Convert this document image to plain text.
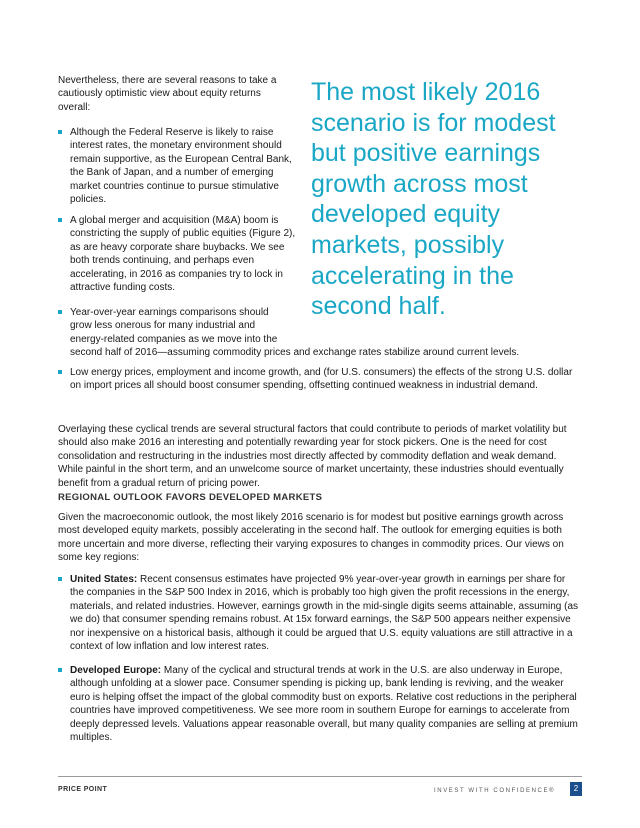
Nevertheless, there are several reasons to take a cautiously optimistic view about equity returns overall:

The most likely 2016 scenario is for modest but positive earnings growth across most developed equity markets, possibly accelerating in the second half.

Although the Federal Reserve is likely to raise interest rates, the monetary environment should remain supportive, as the European Central Bank, the Bank of Japan, and a number of emerging market countries continue to pursue stimulative policies.
A global merger and acquisition (M&A) boom is constricting the supply of public equities (Figure 2), as are heavy corporate share buybacks. We see both trends continuing, and perhaps even accelerating, in 2016 as companies try to lock in attractive funding costs.
Year-over-year earnings comparisons should
grow less onerous for many industrial and
energy-related companies as we move into the
second half of 2016—assuming commodity prices and exchange rates stabilize around current levels.
Low energy prices, employment and income growth, and (for U.S. consumers) the effects of the strong U.S. dollar on import prices all should boost consumer spending, offsetting continued weakness in industrial demand.

Overlaying these cyclical trends are several structural factors that could contribute to periods of market volatility but should also make 2016 an interesting and potentially rewarding year for stock pickers. One is the need for cost consolidation and restructuring in the industries most directly affected by commodity deflation and weak demand. While painful in the short term, and an unwelcome source of market uncertainty, these industries should eventually benefit from a gradual return of pricing power.

REGIONAL OUTLOOK FAVORS DEVELOPED MARKETS

Given the macroeconomic outlook, the most likely 2016 scenario is for modest but positive earnings growth across most developed equity markets, possibly accelerating in the second half. The outlook for emerging equities is both more uncertain and more diverse, reflecting their varying exposures to changes in commodity prices. Our views on some key regions:

United States: Recent consensus estimates have projected 9% year-over-year growth in earnings per share for the companies in the S&P 500 Index in 2016, which is probably too high given the profit recessions in the energy, materials, and related industries. However, earnings growth in the mid-single digits seems attainable, assuming (as we do) that consumer spending remains robust. At 15x forward earnings, the S&P 500 appears neither expensive nor inexpensive on a historical basis, although it could be argued that U.S. equity valuations are still attractive in a context of low inflation and low interest rates.
Developed Europe: Many of the cyclical and structural trends at work in the U.S. are also underway in Europe, although unfolding at a slower pace. Consumer spending is picking up, bank lending is reviving, and the weaker euro is helping offset the impact of the global commodity bust on exports. Relative cost reductions in the peripheral countries have improved competitiveness. We see more room in southern Europe for earnings to accelerate from deeply depressed levels. Valuations appear reasonable overall, but many quality companies are selling at premium multiples.
PRICE POINT	INVEST WITH CONFIDENCE®	2
